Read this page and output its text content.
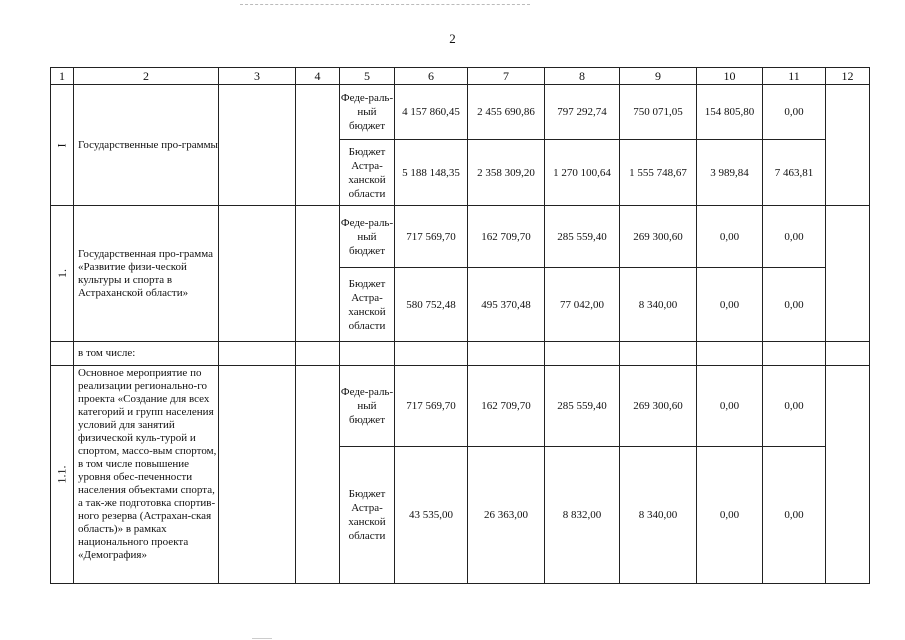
2
1	2	3	4	5	6	7	8	9	10	11	12
I	Государственные про-граммы			Феде-раль-ный бюджет	4 157 860,45	2 455 690,86	797 292,74	750 071,05	154 805,80	0,00	
				Бюджет Астра-ханской области	5 188 148,35	2 358 309,20	1 270 100,64	1 555 748,67	3 989,84	7 463,81	
1.	Государственная про-грамма «Развитие физи-ческой культуры и спорта в Астраханской области»			Феде-раль-ный бюджет	717 569,70	162 709,70	285 559,40	269 300,60	0,00	0,00	
				Бюджет Астра-ханской области	580 752,48	495 370,48	77 042,00	8 340,00	0,00	0,00	
	в том числе:										
1.1.	Основное мероприятие по реализации регионально-го проекта «Создание для всех категорий и групп населения условий для занятий физической куль-турой и спортом, массо-вым спортом, в том числе повышение уровня обес-печенности населения объектами спорта, а так-же подготовка спортив-ного резерва (Астрахан-ская область)» в рамках национального проекта «Демография»			Феде-раль-ный бюджет	717 569,70	162 709,70	285 559,40	269 300,60	0,00	0,00	
				Бюджет Астра-ханской области	43 535,00	26 363,00	8 832,00	8 340,00	0,00	0,00	
